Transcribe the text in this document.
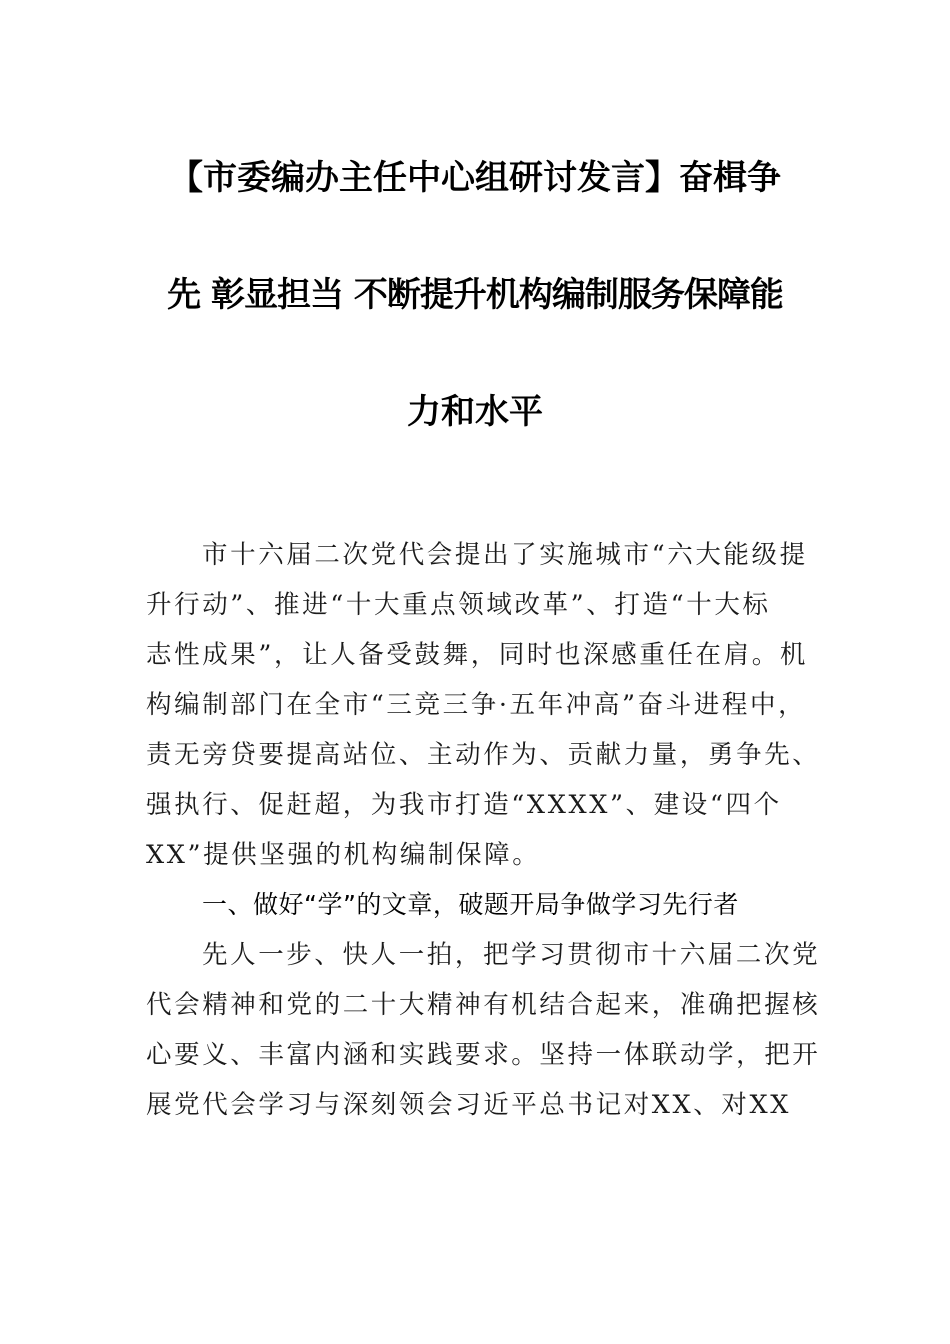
【市委编办主任中心组研讨发言】奋楫争
先 彰显担当 不断提升机构编制服务保障能
力和水平
市十六届二次党代会提出了实施城市“六大能级提
升行动”、推进“十大重点领域改革”、打造“十大标
志性成果”，让人备受鼓舞，同时也深感重任在肩。机
构编制部门在全市“三竞三争·五年冲高”奋斗进程中，
责无旁贷要提高站位、主动作为、贡献力量，勇争先、
强执行、促赶超，为我市打造“XXXX”、建设“四个
XX”提供坚强的机构编制保障。
一、做好“学”的文章，破题开局争做学习先行者
先人一步、快人一拍，把学习贯彻市十六届二次党
代会精神和党的二十大精神有机结合起来，准确把握核
心要义、丰富内涵和实践要求。坚持一体联动学，把开
展党代会学习与深刻领会习近平总书记对XX、对XX
